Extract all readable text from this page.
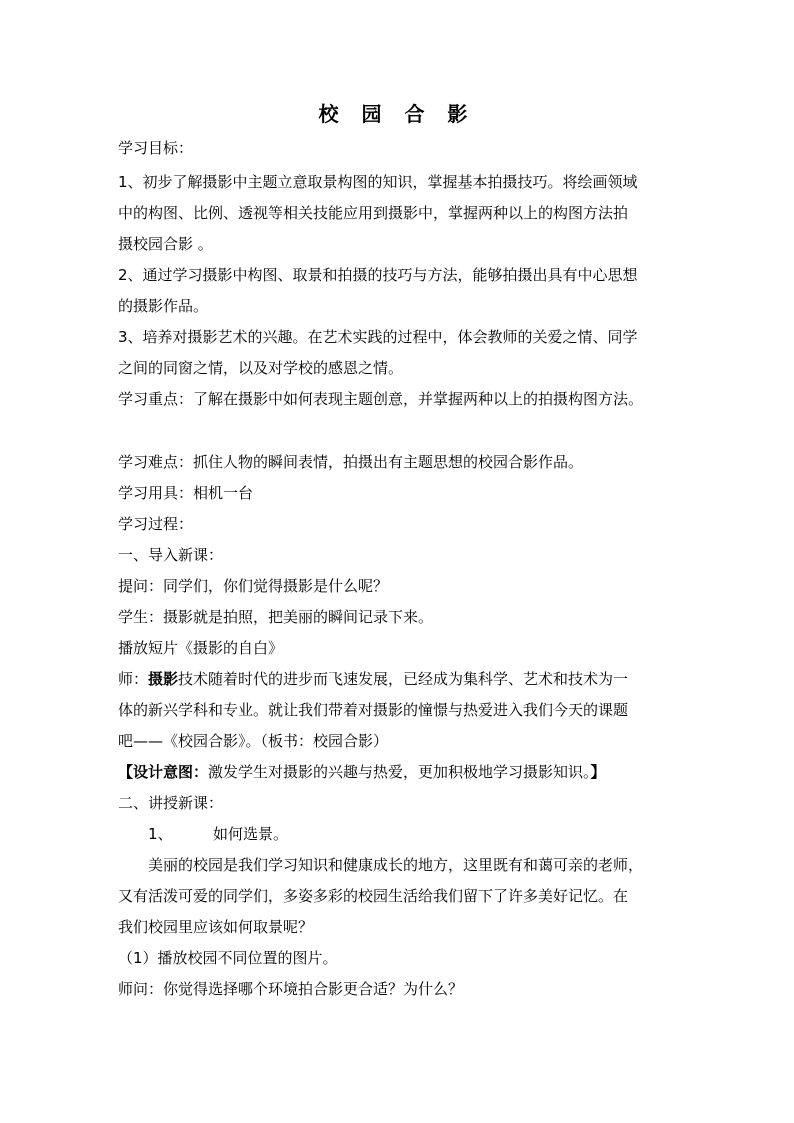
校 园 合 影
学习目标：
1、初步了解摄影中主题立意取景构图的知识，掌握基本拍摄技巧。将绘画领域
中的构图、比例、透视等相关技能应用到摄影中，掌握两种以上的构图方法拍
摄校园合影 。
2、通过学习摄影中构图、取景和拍摄的技巧与方法，能够拍摄出具有中心思想
的摄影作品。
3、培养对摄影艺术的兴趣。在艺术实践的过程中，体会教师的关爱之情、同学
之间的同窗之情，以及对学校的感恩之情。
学习重点：了解在摄影中如何表现主题创意，并掌握两种以上的拍摄构图方法。
学习难点：抓住人物的瞬间表情，拍摄出有主题思想的校园合影作品。
学习用具：相机一台
学习过程：
一、导入新课：
提问：同学们，你们觉得摄影是什么呢？
学生：摄影就是拍照，把美丽的瞬间记录下来。
播放短片《摄影的自白》
师：摄影技术随着时代的进步而飞速发展，已经成为集科学、艺术和技术为一
体的新兴学科和专业。就让我们带着对摄影的憧憬与热爱进入我们今天的课题
吧——《校园合影》。（板书：校园合影）
【设计意图：激发学生对摄影的兴趣与热爱，更加积极地学习摄影知识。】
二、讲授新课：
1、	如何选景。
美丽的校园是我们学习知识和健康成长的地方，这里既有和蔼可亲的老师，
又有活泼可爱的同学们，多姿多彩的校园生活给我们留下了许多美好记忆。在
我们校园里应该如何取景呢？
（1）播放校园不同位置的图片。
师问：你觉得选择哪个环境拍合影更合适？为什么？
